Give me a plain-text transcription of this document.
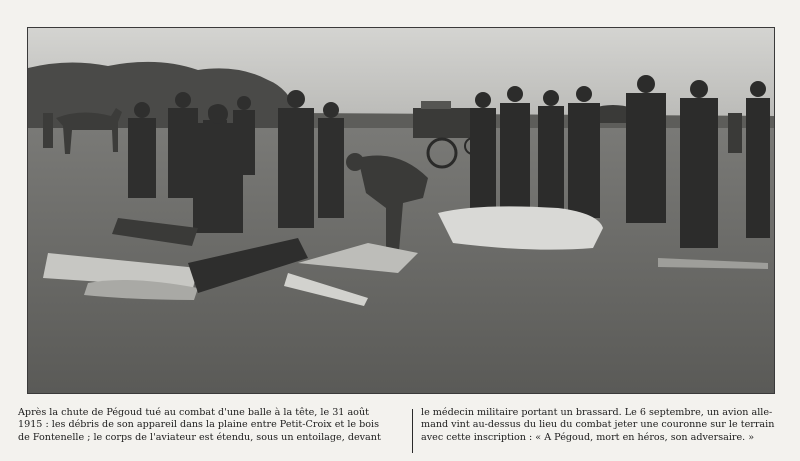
Après la chute de Pégoud tué au combat d'une balle à la tête, le 31 août

1915 : les débris de son appareil dans la plaine entre Petit-Croix et le bois

de Fontenelle ; le corps de l'aviateur est étendu, sous un entoilage, devant

le médecin militaire portant un brassard. Le 6 septembre, un avion alle-

mand vint au-dessus du lieu du combat jeter une couronne sur le terrain

avec cette inscription : « A Pégoud, mort en héros, son adversaire. »
